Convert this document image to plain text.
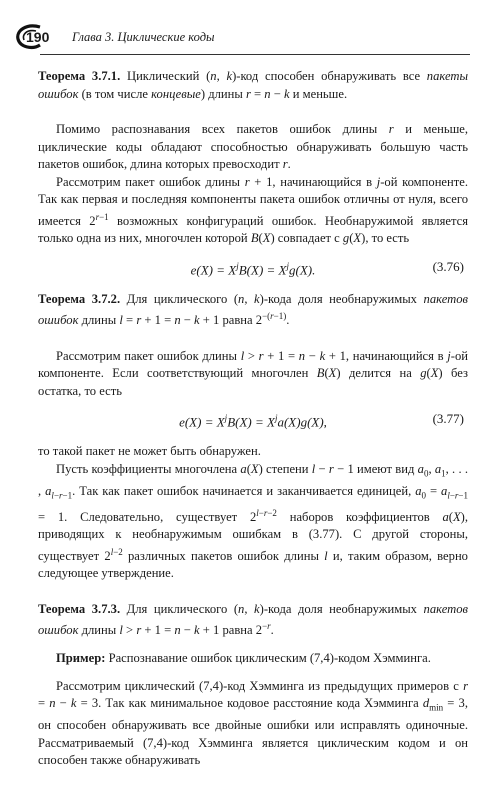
190 Глава 3. Циклические коды

Теорема 3.7.1. Циклический (n, k)-код способен обнаруживать все пакеты ошибок (в том числе концевые) длины r = n − k и меньше.

Помимо распознавания всех пакетов ошибок длины r и меньше, циклические коды обладают способностью обнаруживать большую часть пакетов ошибок, длина которых превосходит r.

Рассмотрим пакет ошибок длины r + 1, начинающийся в j-ой компоненте. Так как первая и последняя компоненты пакета ошибок отличны от нуля, всего имеется $2^{r-1}$ возможных конфигураций ошибок. Необнаружимой является только одна из них, многочлен которой B(X) совпадает с g(X), то есть

$e(X) = X^jB(X) = X^jg(X)$.	(3.76)

Теорема 3.7.2. Для циклического (n, k)-кода доля необнаружимых пакетов ошибок длины l = r + 1 = n − k + 1 равна $2^{-(r-1)}$.

Рассмотрим пакет ошибок длины l > r + 1 = n − k + 1, начинающийся в j-ой компоненте. Если соответствующий многочлен B(X) делится на g(X) без остатка, то есть

$e(X) = X^jB(X) = X^ja(X)g(X)$,	(3.77)

то такой пакет не может быть обнаружен.

Пусть коэффициенты многочлена a(X) степени l − r − 1 имеют вид $a_0$, $a_1$, . . . , $a_{l-r-1}$. Так как пакет ошибок начинается и заканчивается единицей, $a_0 = a_{l-r-1} = 1$. Следовательно, существует $2^{l-r-2}$ наборов коэффициентов a(X), приводящих к необнаружимым ошибкам в (3.77). С другой стороны, существует $2^{l-2}$ различных пакетов ошибок длины l и, таким образом, верно следующее утверждение.

Теорема 3.7.3. Для циклического (n, k)-кода доля необнаружимых пакетов ошибок длины l > r + 1 = n − k + 1 равна $2^{-r}$.

Пример: Распознавание ошибок циклическим (7,4)-кодом Хэмминга.

Рассмотрим циклический (7,4)-код Хэмминга из предыдущих примеров с r = n − k = 3. Так как минимальное кодовое расстояние кода Хэмминга $d_{min} = 3$, он способен обнаруживать все двойные ошибки или исправлять одиночные. Рассматриваемый (7,4)-код Хэмминга является циклическим кодом и он способен также обнаруживать
